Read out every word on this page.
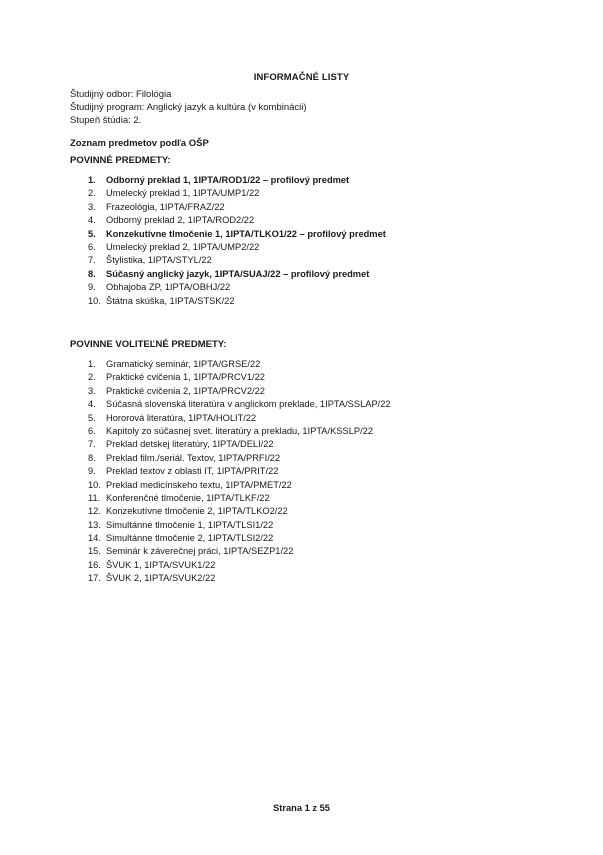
INFORMAČNÉ LISTY
Študijný odbor: Filológia
Študijný program: Anglický jazyk a kultúra (v kombinácii)
Stupeň štúdia: 2.
Zoznam predmetov podľa OŠP
POVINNÉ PREDMETY:
1. Odborný preklad 1, 1IPTA/ROD1/22 – profilový predmet
2. Umelecký preklad 1, 1IPTA/UMP1/22
3. Frazeológia, 1IPTA/FRAZ/22
4. Odborný preklad 2, 1IPTA/ROD2/22
5. Konzekutívne tlmočenie 1, 1IPTA/TLKO1/22 – profilový predmet
6. Umelecký preklad 2, 1IPTA/UMP2/22
7. Štylistika, 1IPTA/STYL/22
8. Súčasný anglický jazyk, 1IPTA/SUAJ/22 – profilový predmet
9. Obhajoba ZP, 1IPTA/OBHJ/22
10. Štátna skúška, 1IPTA/STSK/22
POVINNE VOLITEĽNÉ PREDMETY:
1. Gramatický seminár, 1IPTA/GRSE/22
2. Praktické cvičenia 1, 1IPTA/PRCV1/22
3. Praktické cvičenia 2, 1IPTA/PRCV2/22
4. Súčasná slovenská literatúra v anglickom preklade, 1IPTA/SSLAP/22
5. Hororová literatúra, 1IPTA/HOLIT/22
6. Kapitoly zo súčasnej svet. literatúry a prekladu, 1IPTA/KSSLP/22
7. Preklad detskej literatúry, 1IPTA/DELI/22
8. Preklad film./seriál. Textov, 1IPTA/PRFI/22
9. Preklad textov z oblasti IT, 1IPTA/PRIT/22
10. Preklad medicínskeho textu, 1IPTA/PMET/22
11. Konferenčné tlmočenie, 1IPTA/TLKF/22
12. Konzekutívne tlmočenie 2, 1IPTA/TLKO2/22
13. Simultánne tlmočenie 1, 1IPTA/TLSI1/22
14. Simultánne tlmočenie 2, 1IPTA/TLSI2/22
15. Seminár k záverečnej práci, 1IPTA/SEZP1/22
16. ŠVUK 1, 1IPTA/SVUK1/22
17. ŠVUK 2, 1IPTA/SVUK2/22
Strana 1 z 55
